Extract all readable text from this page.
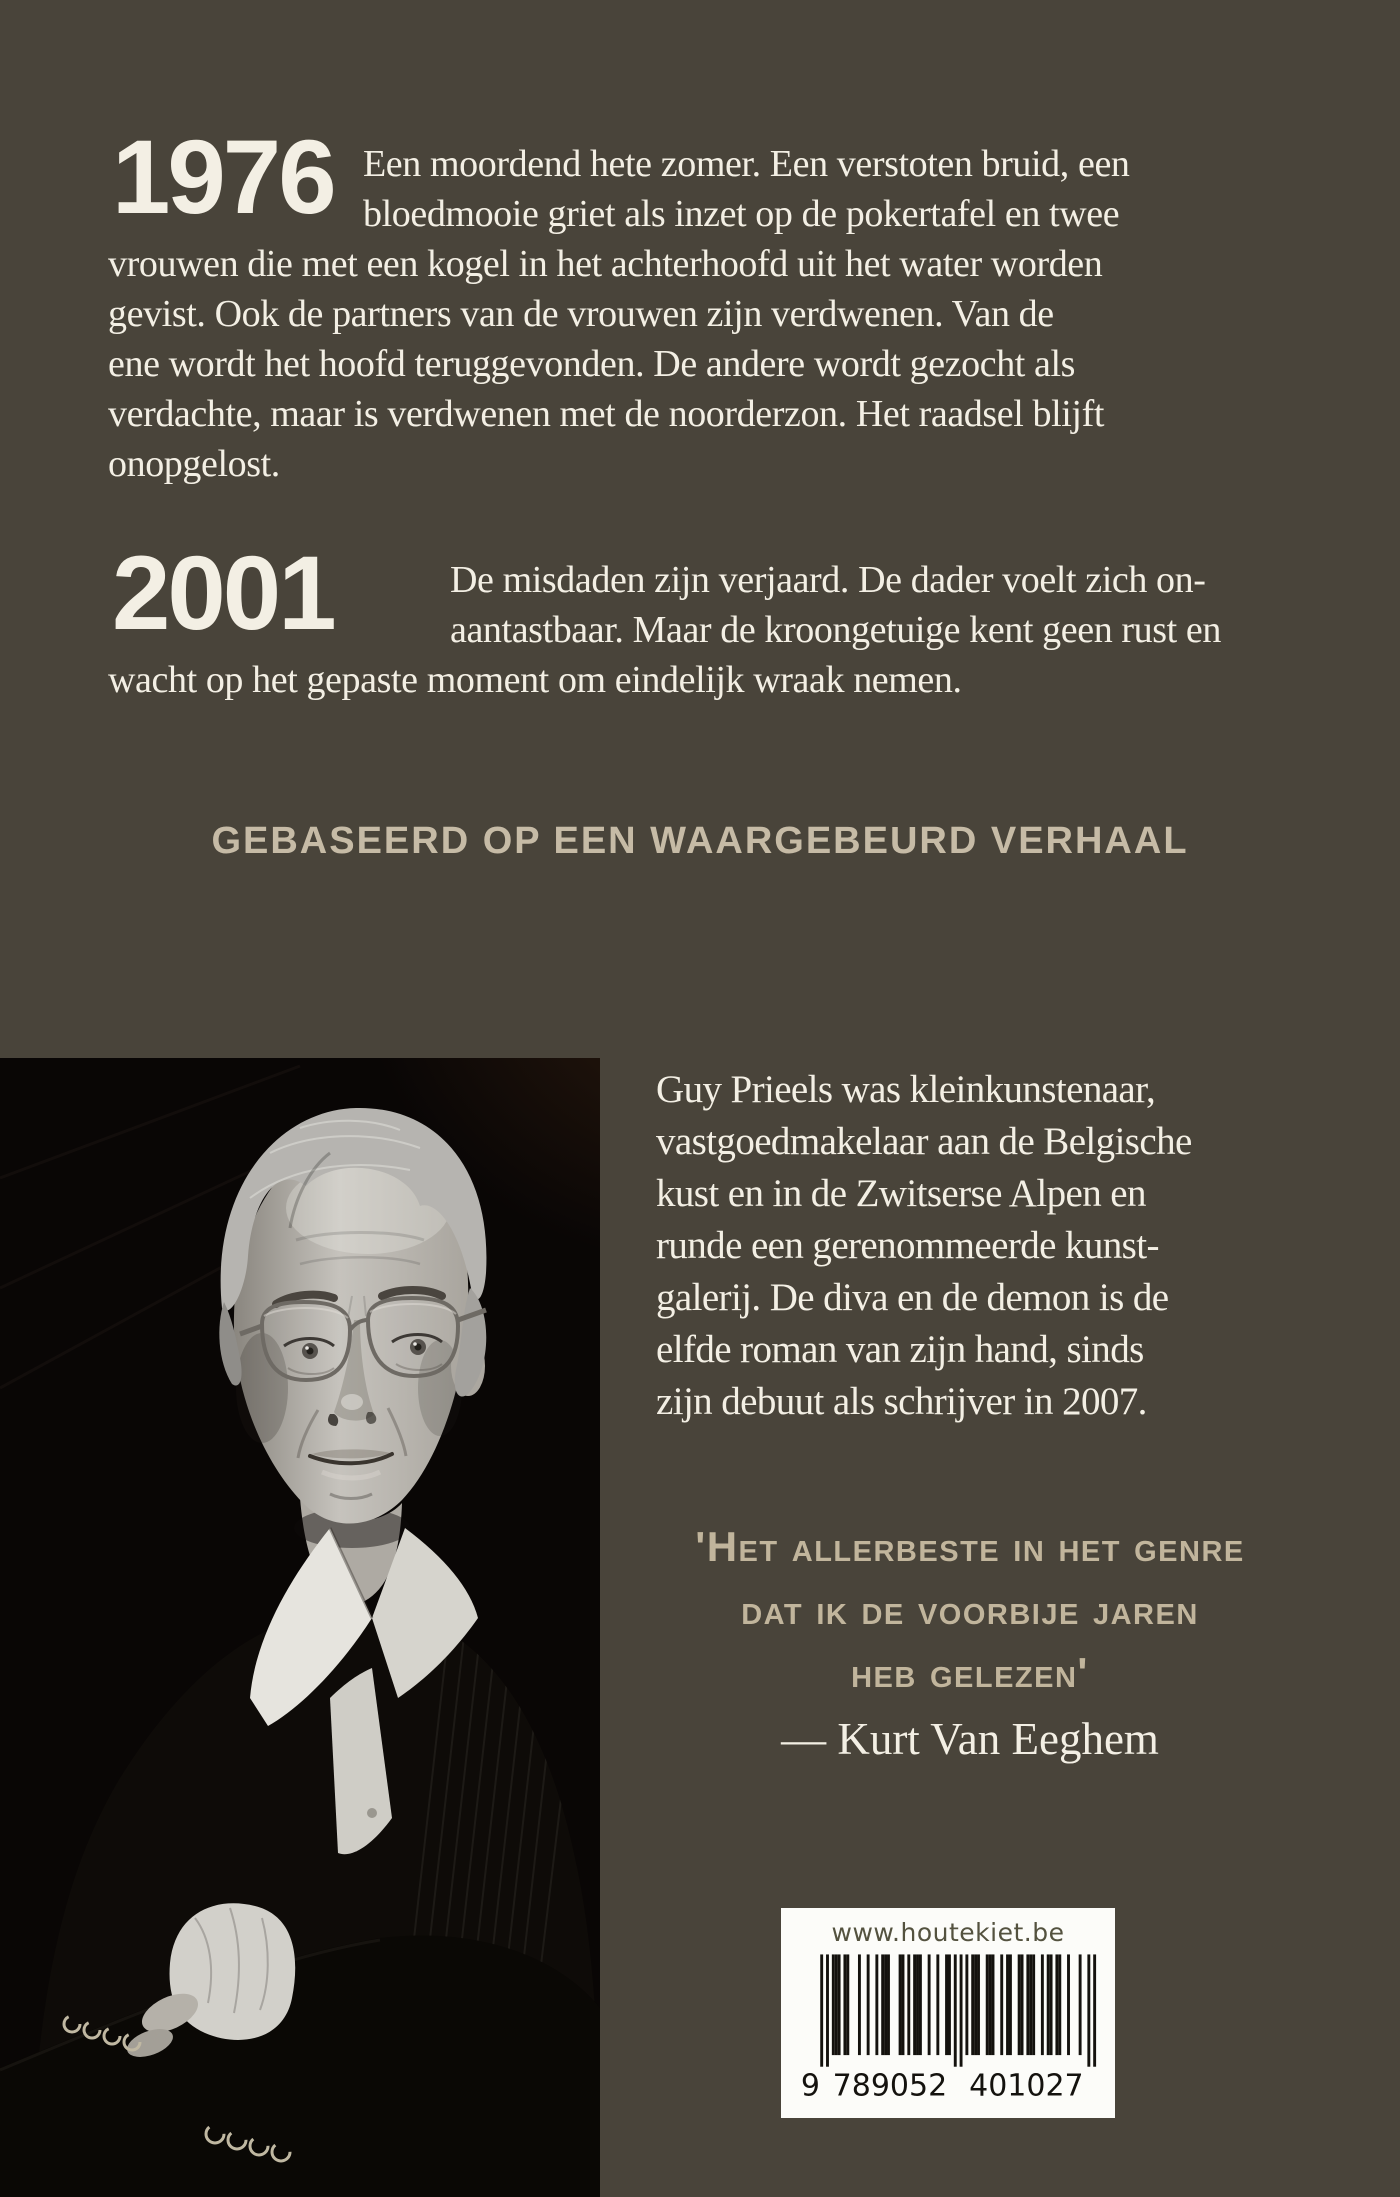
1976 Een moordend hete zomer. Een verstoten bruid, een
bloedmooie griet als inzet op de pokertafel en twee
vrouwen die met een kogel in het achterhoofd uit het water worden
gevist. Ook de partners van de vrouwen zijn verdwenen. Van de
ene wordt het hoofd teruggevonden. De andere wordt gezocht als
verdachte, maar is verdwenen met de noorderzon. Het raadsel blijft
onopgelost.
2001	De misdaden zijn verjaard. De dader voelt zich on-
aantastbaar. Maar de kroongetuige kent geen rust en
wacht op het gepaste moment om eindelijk wraak nemen.
GEBASEERD OP EEN WAARGEBEURD VERHAAL
Guy Prieels was kleinkunstenaar,
vastgoedmakelaar aan de Belgische
kust en in de Zwitserse Alpen en
runde een gerenommeerde kunst-
galerij. De diva en de demon is de
elfde roman van zijn hand, sinds
zijn debuut als schrijver in 2007.
'Het allerbeste in het genre
dat ik de voorbije jaren
heb gelezen'
— Kurt Van Eeghem
www.houtekiet.be
9 789052 401027
